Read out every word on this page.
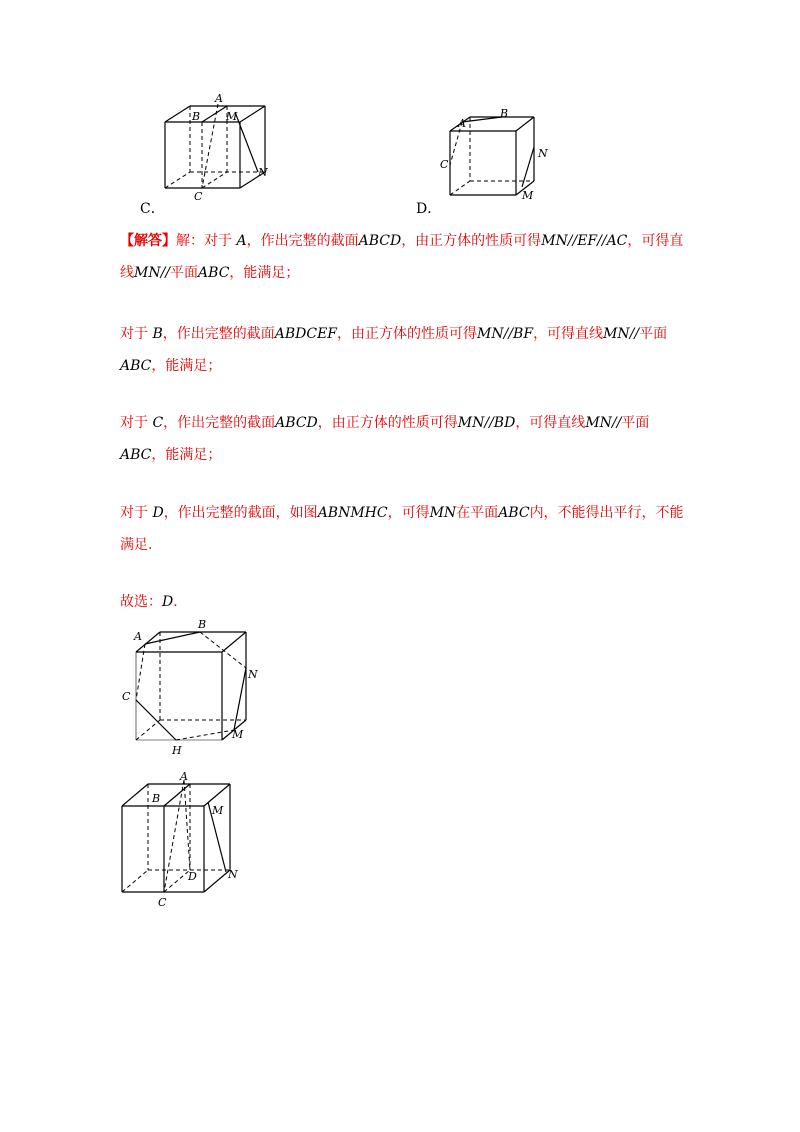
A
B M
N
C
C．
A
B
C
N
M
D．
【解答】解：对于 A，作出完整的截面ABCD，由正方体的性质可得MN//EF//AC，可得直线MN//平面ABC，能满足；
对于 B，作出完整的截面ABDCEF，由正方体的性质可得MN//BF，可得直线MN//平面ABC，能满足；
对于 C，作出完整的截面ABCD，由正方体的性质可得MN//BD，可得直线MN//平面ABC，能满足；
对于 D，作出完整的截面，如图ABNMHC，可得MN在平面ABC内，不能得出平行，不能满足.
故选：D.
A
B
C
N
M
H
A
B
M
D	N
C
